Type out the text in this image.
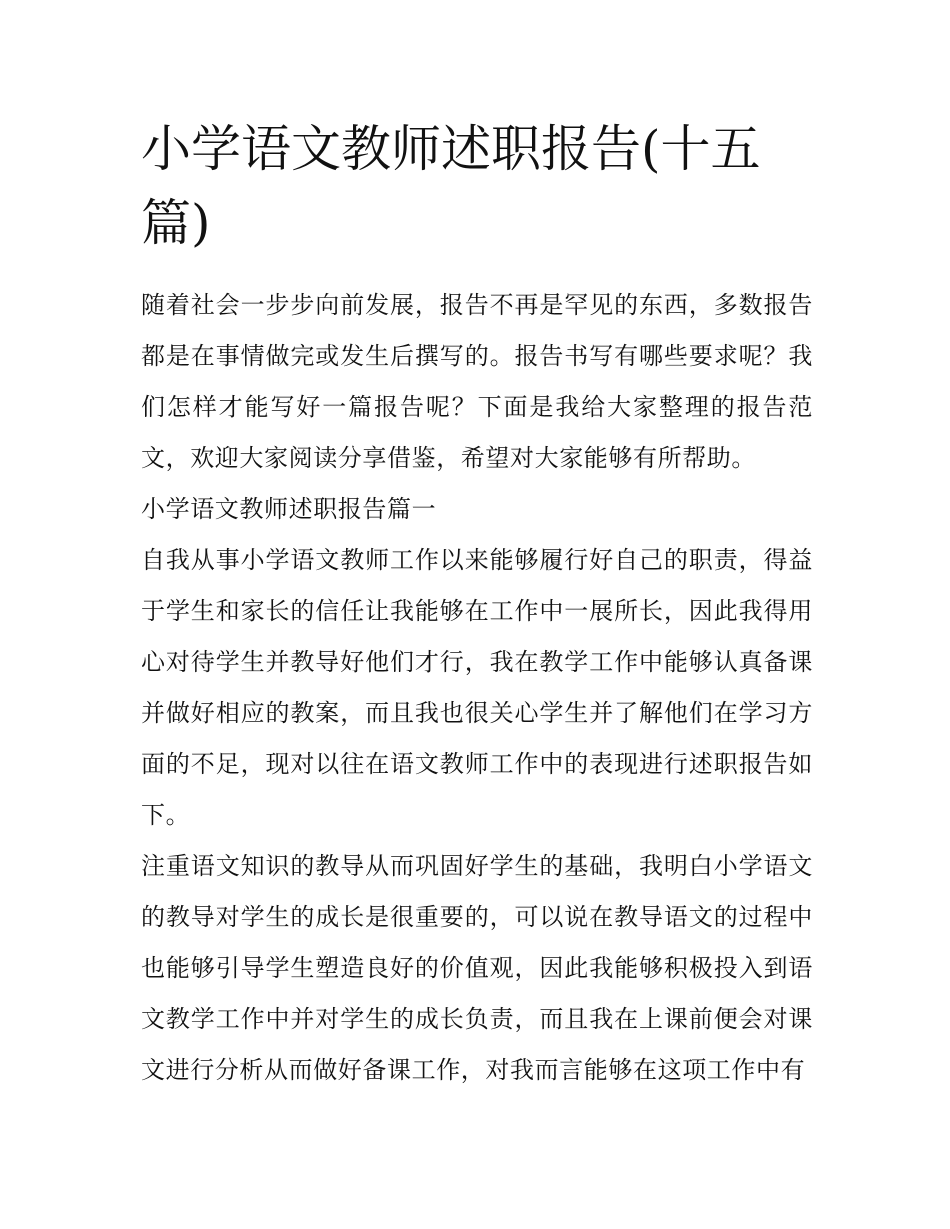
小学语文教师述职报告(十五篇)

随着社会一步步向前发展，报告不再是罕见的东西，多数报告都是在事情做完或发生后撰写的。报告书写有哪些要求呢？我们怎样才能写好一篇报告呢？下面是我给大家整理的报告范文，欢迎大家阅读分享借鉴，希望对大家能够有所帮助。

小学语文教师述职报告篇一

自我从事小学语文教师工作以来能够履行好自己的职责，得益于学生和家长的信任让我能够在工作中一展所长，因此我得用心对待学生并教导好他们才行，我在教学工作中能够认真备课并做好相应的教案，而且我也很关心学生并了解他们在学习方面的不足，现对以往在语文教师工作中的表现进行述职报告如下。

注重语文知识的教导从而巩固好学生的基础，我明白小学语文的教导对学生的成长是很重要的，可以说在教导语文的过程中也能够引导学生塑造良好的价值观，因此我能够积极投入到语文教学工作中并对学生的成长负责，而且我在上课前便会对课文进行分析从而做好备课工作，对我而言能够在这项工作中有
